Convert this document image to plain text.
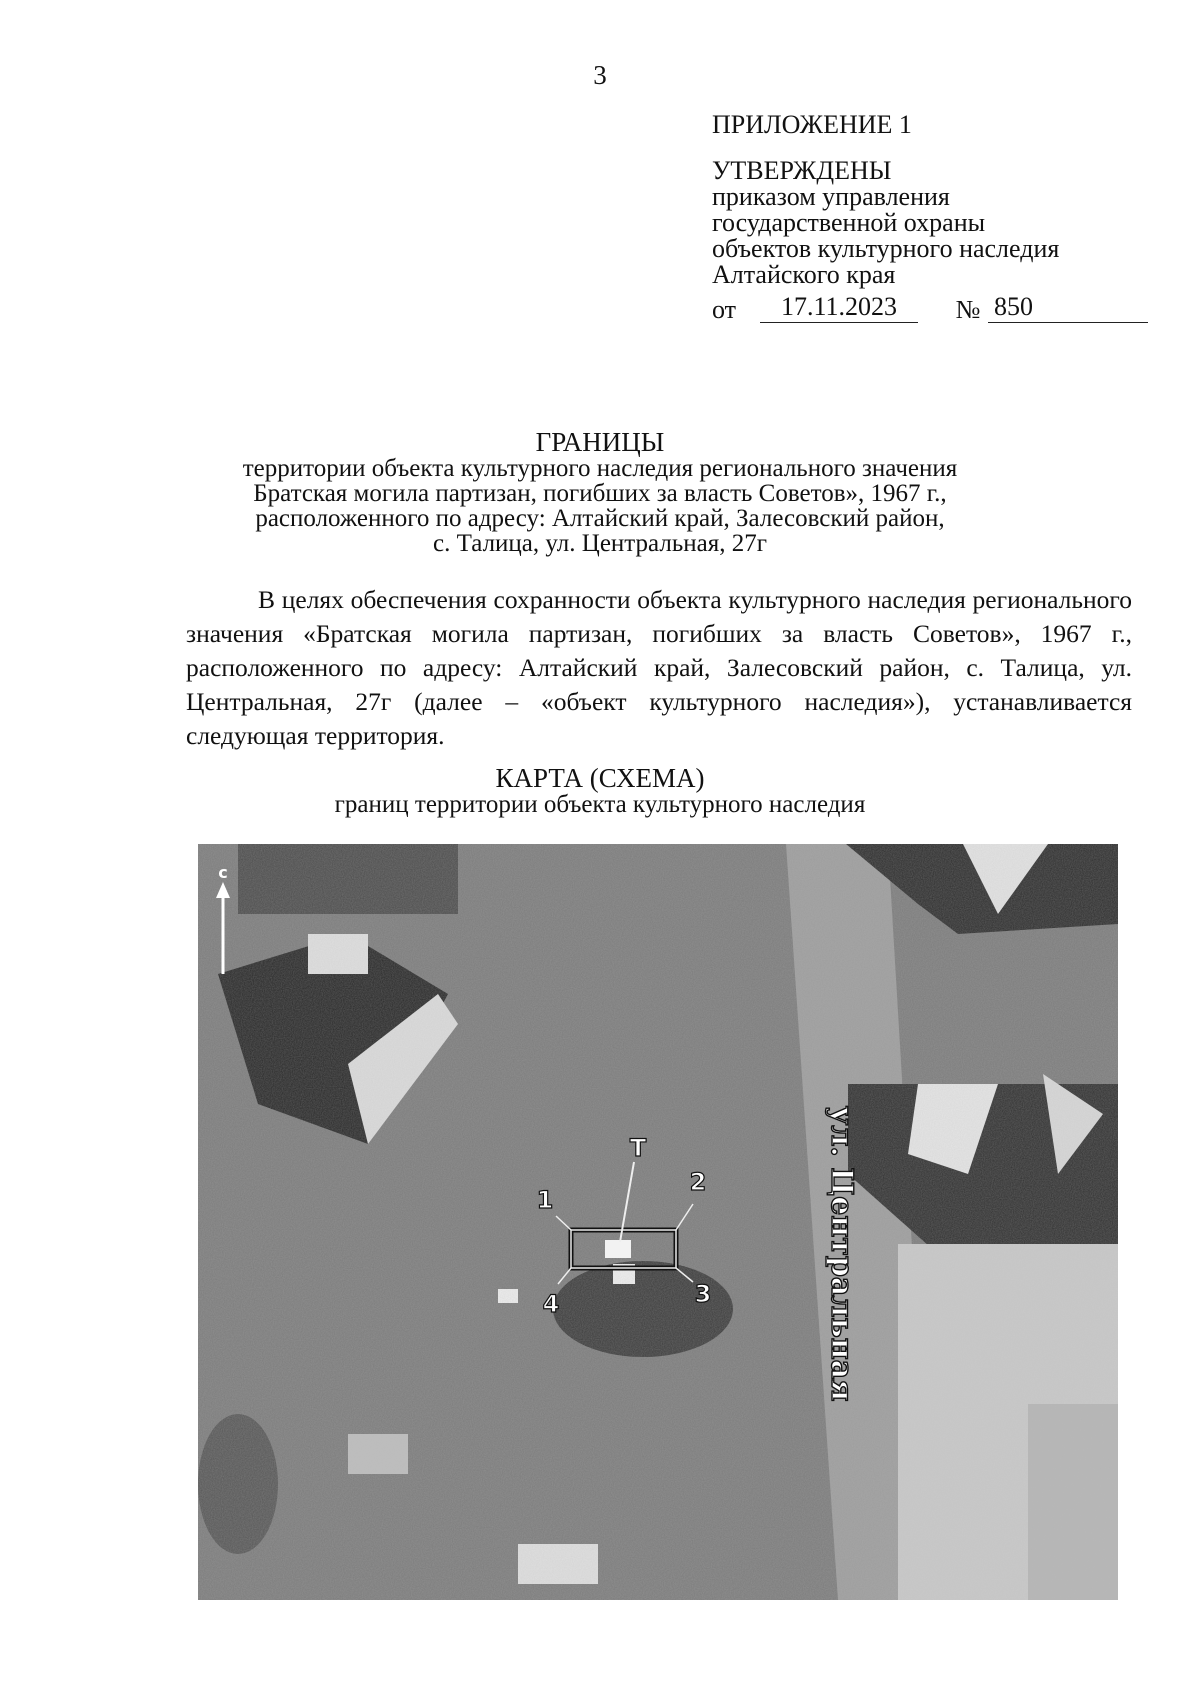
3
ПРИЛОЖЕНИЕ 1
УТВЕРЖДЕНЫ
приказом управления
государственной охраны
объектов культурного наследия
Алтайского края
от	17.11.2023	№ 850
ГРАНИЦЫ
территории объекта культурного наследия регионального значения
Братская могила партизан, погибших за власть Советов», 1967 г.,
расположенного по адресу: Алтайский край, Залесовский район,
с. Талица, ул. Центральная, 27г
В целях обеспечения сохранности объекта культурного наследия регионального значения «Братская могила партизан, погибших за власть Советов», 1967 г., расположенного по адресу: Алтайский край, Залесовский район, с. Талица, ул. Центральная, 27г (далее – «объект культурного наследия»), устанавливается следующая территория.
КАРТА (СХЕМА)
границ территории объекта культурного наследия
с
Т
1
2
3
4	ул. Центральная
